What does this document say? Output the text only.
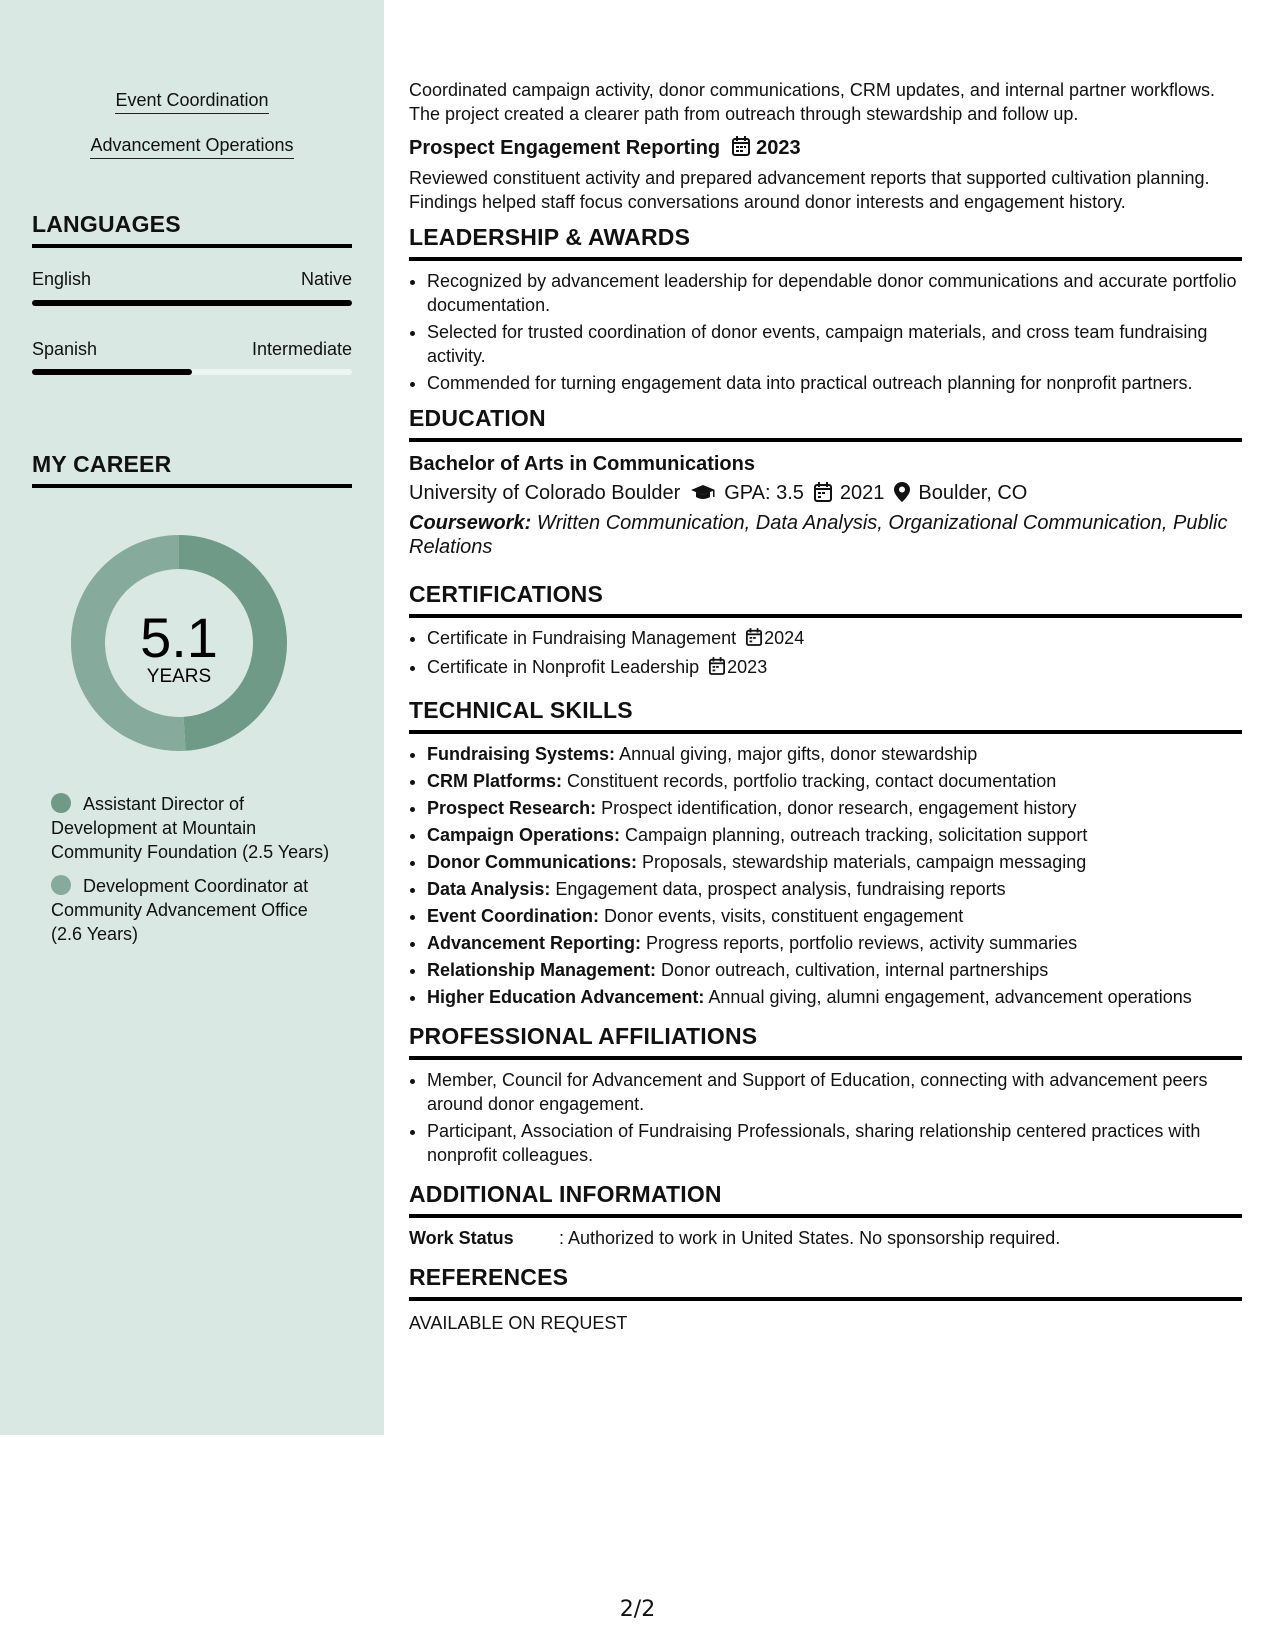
Event Coordination
Advancement Operations
LANGUAGES
English	Native
Spanish	Intermediate
MY CAREER
5.1
YEARS
Assistant Director of Development at Mountain Community Foundation (2.5 Years)
Development Coordinator at Community Advancement Office (2.6 Years)

Coordinated campaign activity, donor communications, CRM updates, and internal partner workflows. The project created a clearer path from outreach through stewardship and follow up.

Prospect Engagement Reporting 2023

Reviewed constituent activity and prepared advancement reports that supported cultivation planning. Findings helped staff focus conversations around donor interests and engagement history.

LEADERSHIP & AWARDS
• Recognized by advancement leadership for dependable donor communications and accurate portfolio documentation.
• Selected for trusted coordination of donor events, campaign materials, and cross team fundraising activity.
• Commended for turning engagement data into practical outreach planning for nonprofit partners.
EDUCATION
Bachelor of Arts in Communications
University of Colorado Boulder GPA: 3.5 2021 Boulder, CO
Coursework: Written Communication, Data Analysis, Organizational Communication, Public Relations
CERTIFICATIONS
• Certificate in Fundraising Management 2024
• Certificate in Nonprofit Leadership 2023
TECHNICAL SKILLS
• Fundraising Systems: Annual giving, major gifts, donor stewardship
• CRM Platforms: Constituent records, portfolio tracking, contact documentation
• Prospect Research: Prospect identification, donor research, engagement history
• Campaign Operations: Campaign planning, outreach tracking, solicitation support
• Donor Communications: Proposals, stewardship materials, campaign messaging
• Data Analysis: Engagement data, prospect analysis, fundraising reports
• Event Coordination: Donor events, visits, constituent engagement
• Advancement Reporting: Progress reports, portfolio reviews, activity summaries
• Relationship Management: Donor outreach, cultivation, internal partnerships
• Higher Education Advancement: Annual giving, alumni engagement, advancement operations
PROFESSIONAL AFFILIATIONS
• Member, Council for Advancement and Support of Education, connecting with advancement peers around donor engagement.
• Participant, Association of Fundraising Professionals, sharing relationship centered practices with nonprofit colleagues.
ADDITIONAL INFORMATION
Work Status	: Authorized to work in United States. No sponsorship required.
REFERENCES
AVAILABLE ON REQUEST
2/2
